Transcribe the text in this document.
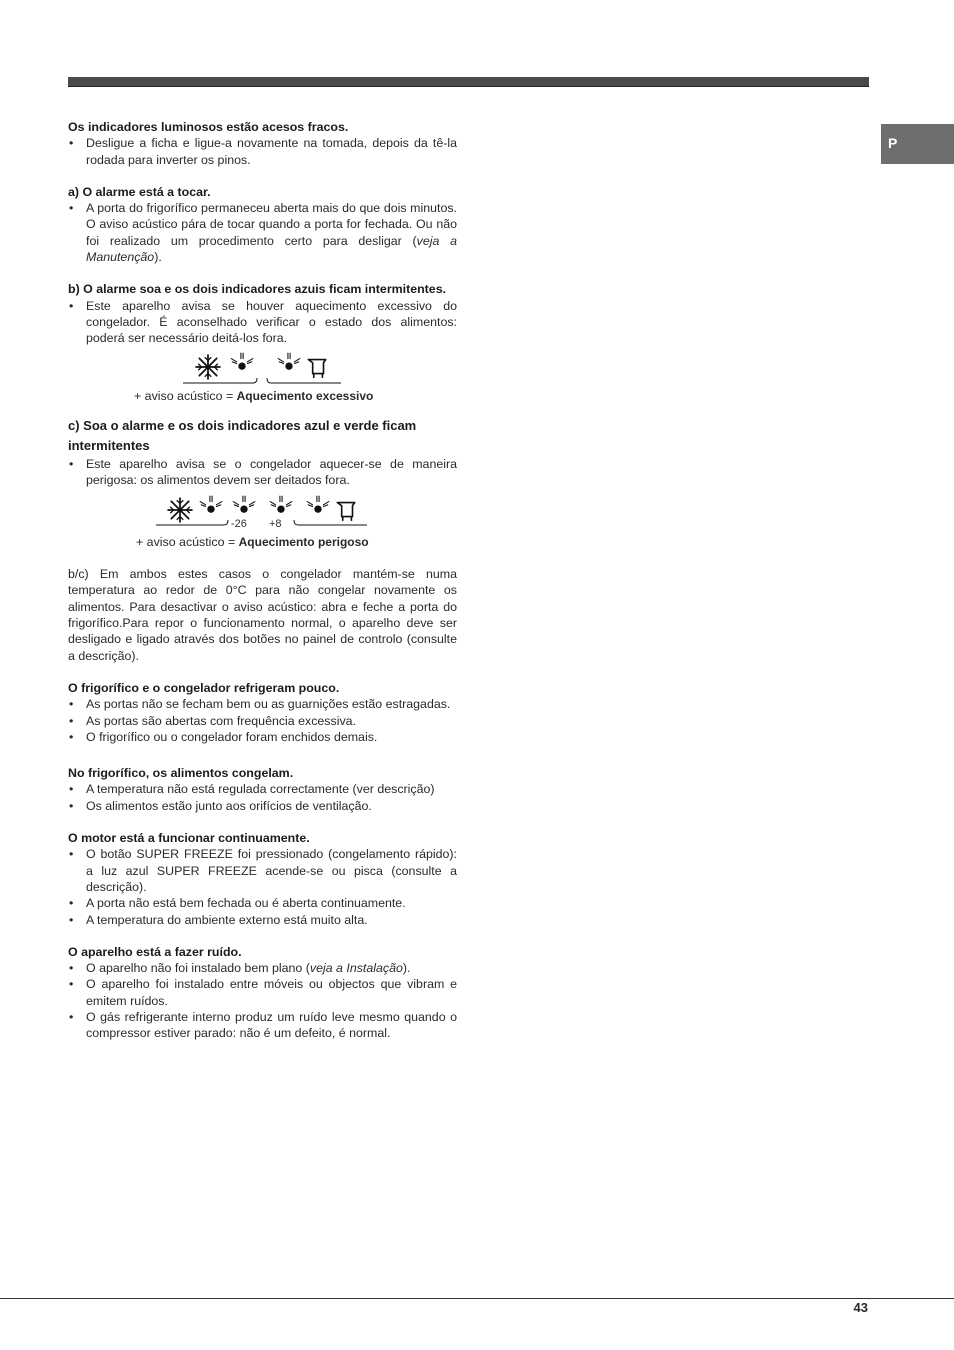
P

Os indicadores luminosos estão acesos fracos.

• Desligue a ficha e ligue-a novamente na tomada, depois da tê-la rodada para inverter os pinos.

a) O alarme está a tocar.

• A porta do frigorífico permaneceu aberta mais do que dois minutos. O aviso acústico pára de tocar quando a porta for fechada. Ou não foi realizado um procedimento certo para desligar (veja a Manutenção).

b) O alarme soa e os dois indicadores azuis ficam intermitentes.

• Este aparelho avisa se houver aquecimento excessivo do congelador. É aconselhado verificar o estado dos alimentos: poderá ser necessário deitá-los fora.
+ aviso acústico = Aquecimento excessivo

c) Soa o alarme e os dois indicadores azul e verde ficam intermitentes

• Este aparelho avisa se o congelador aquecer-se de maneira perigosa: os alimentos devem ser deitados fora.
-26 +8
+ aviso acústico = Aquecimento perigoso

b/c) Em ambos estes casos o congelador mantém-se numa temperatura ao redor de 0°C para não congelar novamente os alimentos. Para desactivar o aviso acústico: abra e feche a porta do frigorífico.Para repor o funcionamento normal, o aparelho deve ser desligado e ligado através dos botões no painel de controlo (consulte a descrição).

O frigorífico e o congelador refrigeram pouco.

• As portas não se fecham bem ou as guarnições estão estragadas.
• As portas são abertas com frequência excessiva.
• O frigorífico ou o congelador foram enchidos demais.

No frigorífico, os alimentos congelam.

• A temperatura não está regulada correctamente (ver descrição)
• Os alimentos estão junto aos orifícios de ventilação.

O motor está a funcionar continuamente.

• O botão SUPER FREEZE foi pressionado (congelamento rápido): a luz azul SUPER FREEZE acende-se ou pisca (consulte a descrição).
• A porta não está bem fechada ou é aberta continuamente.
• A temperatura do ambiente externo está muito alta.

O aparelho está a fazer ruído.

• O aparelho não foi instalado bem plano (veja a Instalação).
• O aparelho foi instalado entre móveis ou objectos que vibram e emitem ruídos.
• O gás refrigerante interno produz um ruído leve mesmo quando o compressor estiver parado: não é um defeito, é normal.
43
